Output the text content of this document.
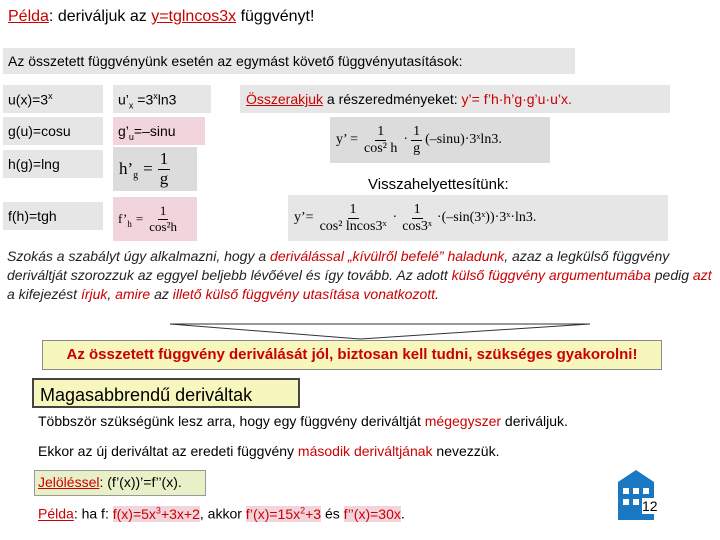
Példa: deriváljuk az y=tglncos3x függvényt!
Az összetett függvényünk esetén az egymást követő függvényutasítások:
$u(x)=3^x$	$u’_x =3^x\ln 3$
g(u)=cosu	$g’_u=$–sinu
h(g)=lng	$h’_g = \frac{1}{g}$
f(h)=tgh	$f’_h = \frac{1}{\text{cos²h}}$
Összerakjuk a részeredményeket: y’= f’h·h’g·g’u·u’x.
y’ = $\frac{1}{\text{cos² h}} \cdot \frac{1}{g}$ (–sinu)·3ˣln3.
Visszahelyettesítünk:
y’= $\frac{1}{\text{cos² lncos3ˣ}} \cdot \frac{1}{\text{cos3ˣ}}$ ·(–sin(3ˣ))·3ˣ·ln3.
Szokás a szabályt úgy alkalmazni, hogy a deriválással „kívülről befelé” haladunk, azaz a legkülső függvény deriváltját szorozzuk az eggyel beljebb lévőével és így tovább. Az adott külső függvény argumentumába pedig azt a kifejezést írjuk, amire az illető külső függvény utasítása vonatkozott.
Az összetett függvény deriválását jól, biztosan kell tudni, szükséges gyakorolni!
Magasabbrendű deriváltak
Többször szükségünk lesz arra, hogy egy függvény deriváltját mégegyszer deriváljuk.
Ekkor az új deriváltat az eredeti függvény második deriváltjának nevezzük.
Jelöléssel: (f’(x))’=f’’(x).
Példa: ha f: $f(x)=5x^3+3x+2$, akkor $f’(x)=15x^2+3$ és f’’(x)=30x.	12
